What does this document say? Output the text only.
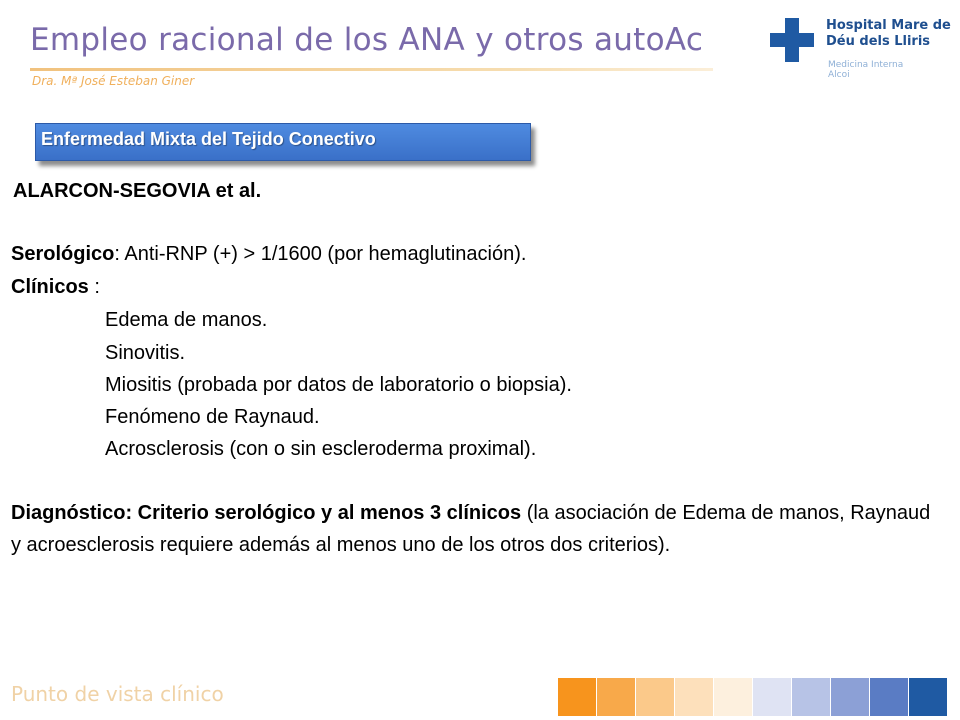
Empleo racional de los ANA y otros autoAc
Dra. Mª José Esteban Giner
Hospital Mare de
Déu dels Lliris
Medicina Interna
Alcoi
Enfermedad Mixta del Tejido Conectivo
ALARCON-SEGOVIA et al.
Serológico: Anti-RNP (+) > 1/1600 (por hemaglutinación).
Clínicos :
Edema de manos.
Sinovitis.
Miositis (probada por datos de laboratorio o biopsia).
Fenómeno de Raynaud.
Acrosclerosis (con o sin escleroderma proximal).
Diagnóstico: Criterio serológico y al menos 3 clínicos (la asociación de Edema de manos, Raynaud y acroesclerosis requiere además al menos uno de los otros dos criterios).
Punto de vista clínico
